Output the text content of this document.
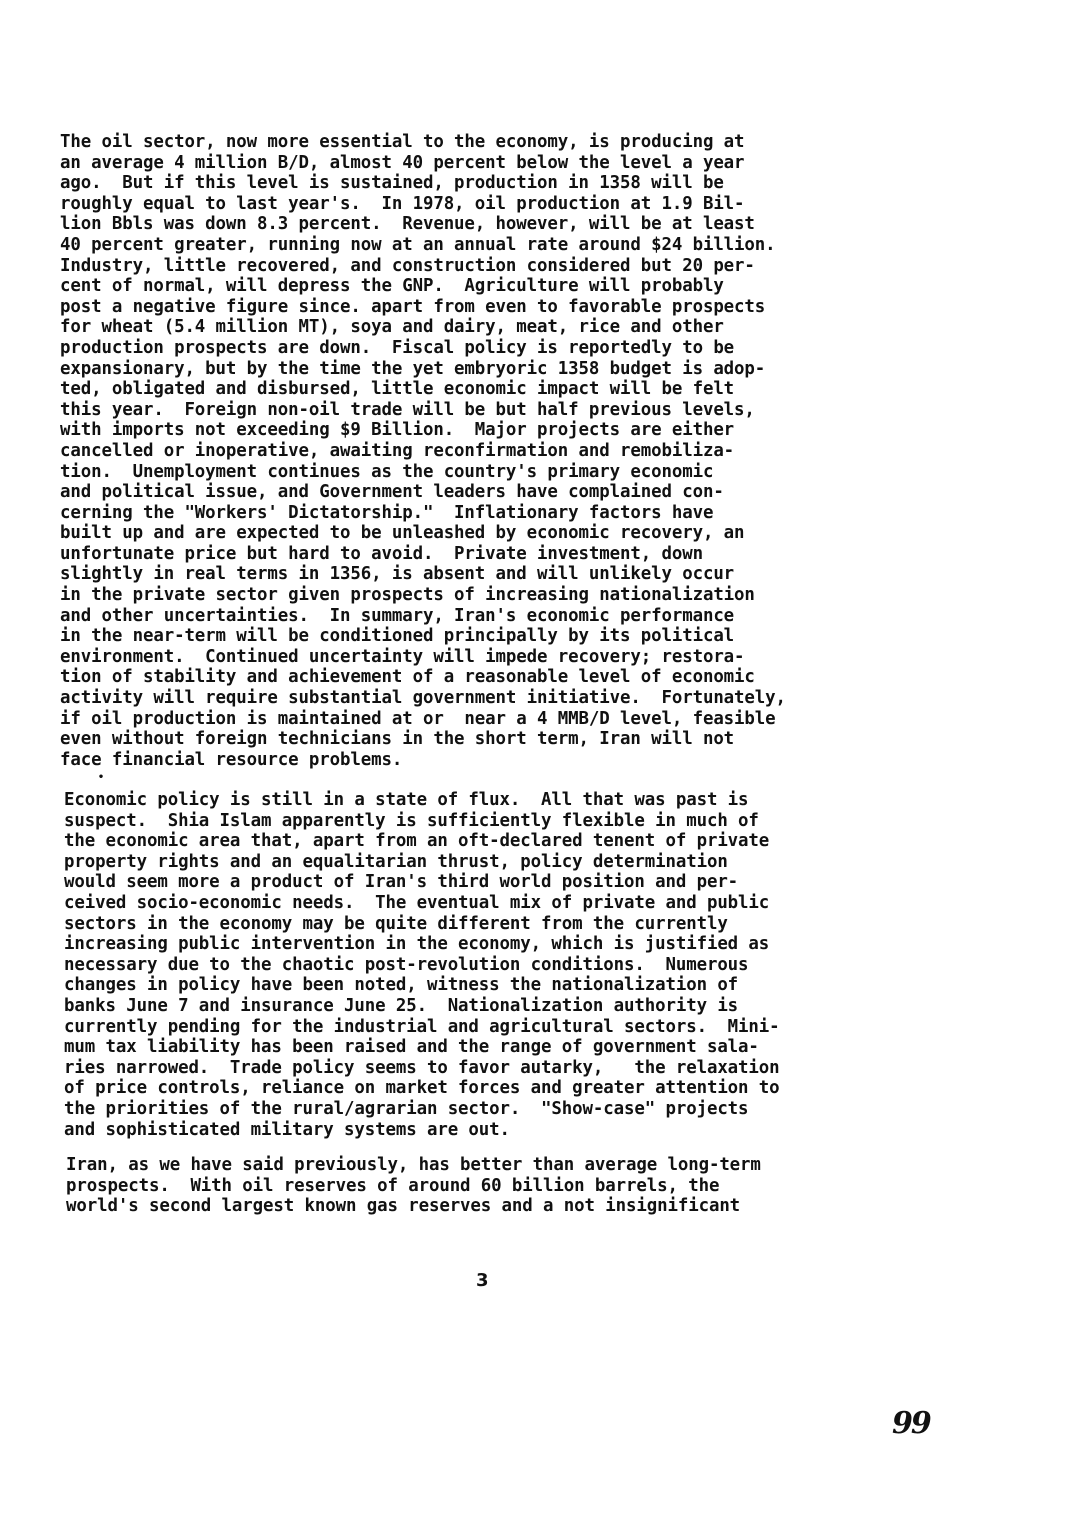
The oil sector, now more essential to the economy, is producing at
an average 4 million B/D, almost 40 percent below the level a year
ago.  But if this level is sustained, production in 1358 will be
roughly equal to last year's.  In 1978, oil production at 1.9 Bil-
lion Bbls was down 8.3 percent.  Revenue, however, will be at least
40 percent greater, running now at an annual rate around $24 billion.
Industry, little recovered, and construction considered but 20 per-
cent of normal, will depress the GNP.  Agriculture will probably
post a negative figure since. apart from even to favorable prospects
for wheat (5.4 million MT), soya and dairy, meat, rice and other
production prospects are down.  Fiscal policy is reportedly to be
expansionary, but by the time the yet embryoric 1358 budget is adop-
ted, obligated and disbursed, little economic impact will be felt
this year.  Foreign non-oil trade will be but half previous levels,
with imports not exceeding $9 Billion.  Major projects are either
cancelled or inoperative, awaiting reconfirmation and remobiliza-
tion.  Unemployment continues as the country's primary economic
and political issue, and Government leaders have complained con-
cerning the "Workers' Dictatorship."  Inflationary factors have
built up and are expected to be unleashed by economic recovery, an
unfortunate price but hard to avoid.  Private investment, down
slightly in real terms in 1356, is absent and will unlikely occur
in the private sector given prospects of increasing nationalization
and other uncertainties.  In summary, Iran's economic performance
in the near-term will be conditioned principally by its political
environment.  Continued uncertainty will impede recovery; restora-
tion of stability and achievement of a reasonable level of economic
activity will require substantial government initiative.  Fortunately,
if oil production is maintained at or  near a 4 MMB/D level, feasible
even without foreign technicians in the short term, Iran will not
face financial resource problems.
•
Economic policy is still in a state of flux.  All that was past is
suspect.  Shia Islam apparently is sufficiently flexible in much of
the economic area that, apart from an oft-declared tenent of private
property rights and an equalitarian thrust, policy determination
would seem more a product of Iran's third world position and per-
ceived socio-economic needs.  The eventual mix of private and public
sectors in the economy may be quite different from the currently
increasing public intervention in the economy, which is justified as
necessary due to the chaotic post-revolution conditions.  Numerous
changes in policy have been noted, witness the nationalization of
banks June 7 and insurance June 25.  Nationalization authority is
currently pending for the industrial and agricultural sectors.  Mini-
mum tax liability has been raised and the range of government sala-
ries narrowed.  Trade policy seems to favor autarky,   the relaxation
of price controls, reliance on market forces and greater attention to
the priorities of the rural/agrarian sector.  "Show-case" projects
and sophisticated military systems are out.
Iran, as we have said previously, has better than average long-term
prospects.  With oil reserves of around 60 billion barrels, the
world's second largest known gas reserves and a not insignificant
3
99
